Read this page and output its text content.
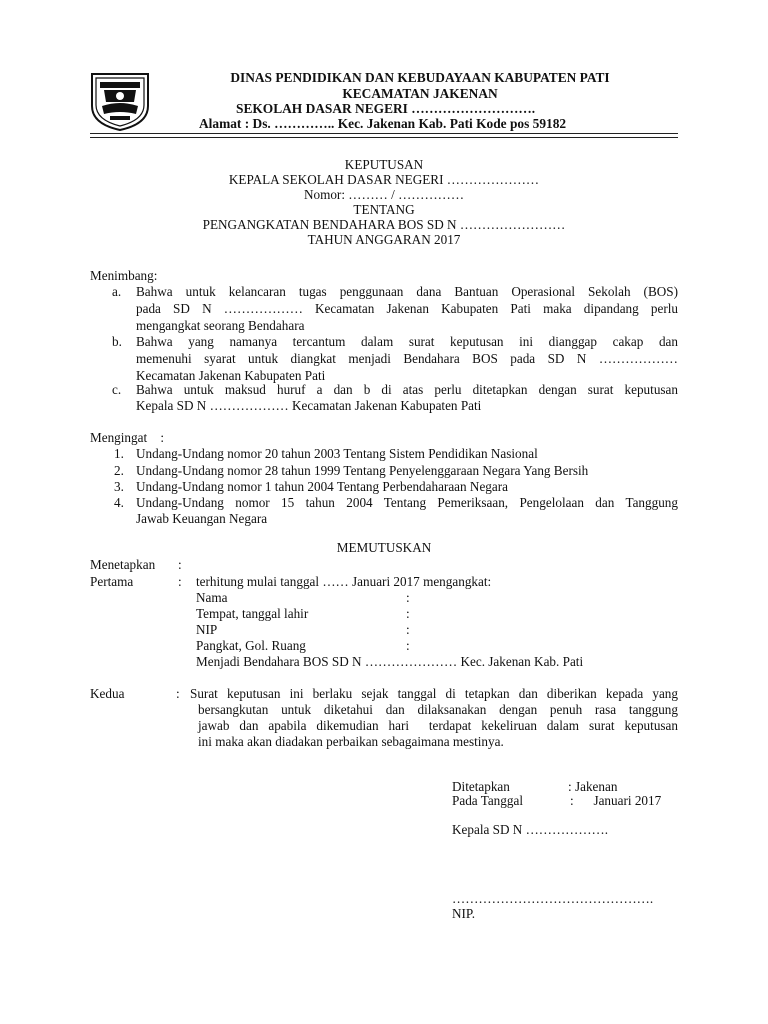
DINAS PENDIDIKAN DAN KEBUDAYAAN KABUPATEN PATI
KECAMATAN JAKENAN
SEKOLAH DASAR NEGERI ……………………….
Alamat : Ds. ………….. Kec. Jakenan Kab. Pati Kode pos 59182
KEPUTUSAN
KEPALA SEKOLAH DASAR NEGERI …………………
Nomor: ……… / ……………
TENTANG
PENGANGKATAN BENDAHARA BOS SD N ……………………
TAHUN ANGGARAN 2017
Menimbang:
a. Bahwa untuk kelancaran tugas penggunaan dana Bantuan Operasional Sekolah (BOS)
pada SD N ……………… Kecamatan Jakenan Kabupaten Pati maka dipandang perlu
mengangkat seorang Bendahara
b. Bahwa yang namanya tercantum dalam surat keputusan ini dianggap cakap dan
memenuhi syarat untuk diangkat menjadi Bendahara BOS pada SD N ………………
Kecamatan Jakenan Kabupaten Pati
c. Bahwa untuk maksud huruf a dan b di atas perlu ditetapkan dengan surat keputusan
Kepala SD N ……………… Kecamatan Jakenan Kabupaten Pati
Mengingat    :
1. Undang-Undang nomor 20 tahun 2003 Tentang Sistem Pendidikan Nasional
2. Undang-Undang nomor 28 tahun 1999 Tentang Penyelenggaraan Negara Yang Bersih
3. Undang-Undang nomor 1 tahun 2004 Tentang Perbendaharaan Negara
4. Undang-Undang nomor 15 tahun 2004 Tentang Pemeriksaan, Pengelolaan dan Tanggung
Jawab Keuangan Negara
MEMUTUSKAN
Menetapkan :
Pertama	: terhitung mulai tanggal …… Januari 2017 mengangkat:
Nama	:
Tempat, tanggal lahir	:
NIP	:
Pangkat, Gol. Ruang	:
Menjadi Bendahara BOS SD N ………………… Kec. Jakenan Kab. Pati
Kedua	: Surat keputusan ini berlaku sejak tanggal di tetapkan dan diberikan kepada yang
bersangkutan untuk diketahui dan dilaksanakan dengan penuh rasa tanggung
jawab dan apabila dikemudian hari  terdapat kekeliruan dalam surat keputusan
ini maka akan diadakan perbaikan sebagaimana mestinya.
Ditetapkan	: Jakenan
Pada Tanggal	:      Januari 2017
Kepala SD N ……………….
……………………………………….
NIP.
